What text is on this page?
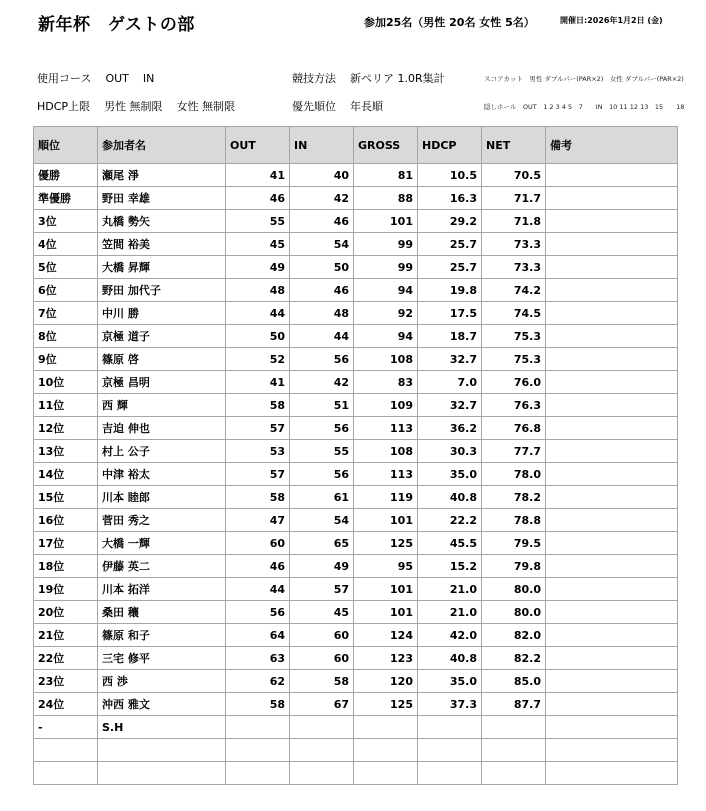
新年杯　ゲストの部	参加25名（男性 20名 女性 5名）	開催日:2026年1月2日 (金)
使用コース OUT IN	競技方法 新ペリア 1.0R集計	スコアカット　男性 ダブルパー(PAR×2)　女性 ダブルパー(PAR×2)
HDCP上限 男性 無制限 女性 無制限	優先順位 年長順	隠しホール　OUT　1 2 3 4 5　7　　IN　10 11 12 13　15　　18
順位	参加者名	OUT	IN	GROSS	HDCP	NET	備考
優勝	瀬尾 淨	41	40	81	10.5	70.5	
準優勝	野田 幸雄	46	42	88	16.3	71.7	
3位	丸橋 勢矢	55	46	101	29.2	71.8	
4位	笠間 裕美	45	54	99	25.7	73.3	
5位	大橋 昇輝	49	50	99	25.7	73.3	
6位	野田 加代子	48	46	94	19.8	74.2	
7位	中川 勝	44	48	92	17.5	74.5	
8位	京極 道子	50	44	94	18.7	75.3	
9位	篠原 啓	52	56	108	32.7	75.3	
10位	京極 昌明	41	42	83	7.0	76.0	
11位	西 輝	58	51	109	32.7	76.3	
12位	吉迫 伸也	57	56	113	36.2	76.8	
13位	村上 公子	53	55	108	30.3	77.7	
14位	中津 裕太	57	56	113	35.0	78.0	
15位	川本 睦郎	58	61	119	40.8	78.2	
16位	菅田 秀之	47	54	101	22.2	78.8	
17位	大橋 一輝	60	65	125	45.5	79.5	
18位	伊藤 英二	46	49	95	15.2	79.8	
19位	川本 拓洋	44	57	101	21.0	80.0	
20位	桑田 穰	56	45	101	21.0	80.0	
21位	篠原 和子	64	60	124	42.0	82.0	
22位	三宅 修平	63	60	123	40.8	82.2	
23位	西 渉	62	58	120	35.0	85.0	
24位	沖西 雅文	58	67	125	37.3	87.7	
-	S.H						
